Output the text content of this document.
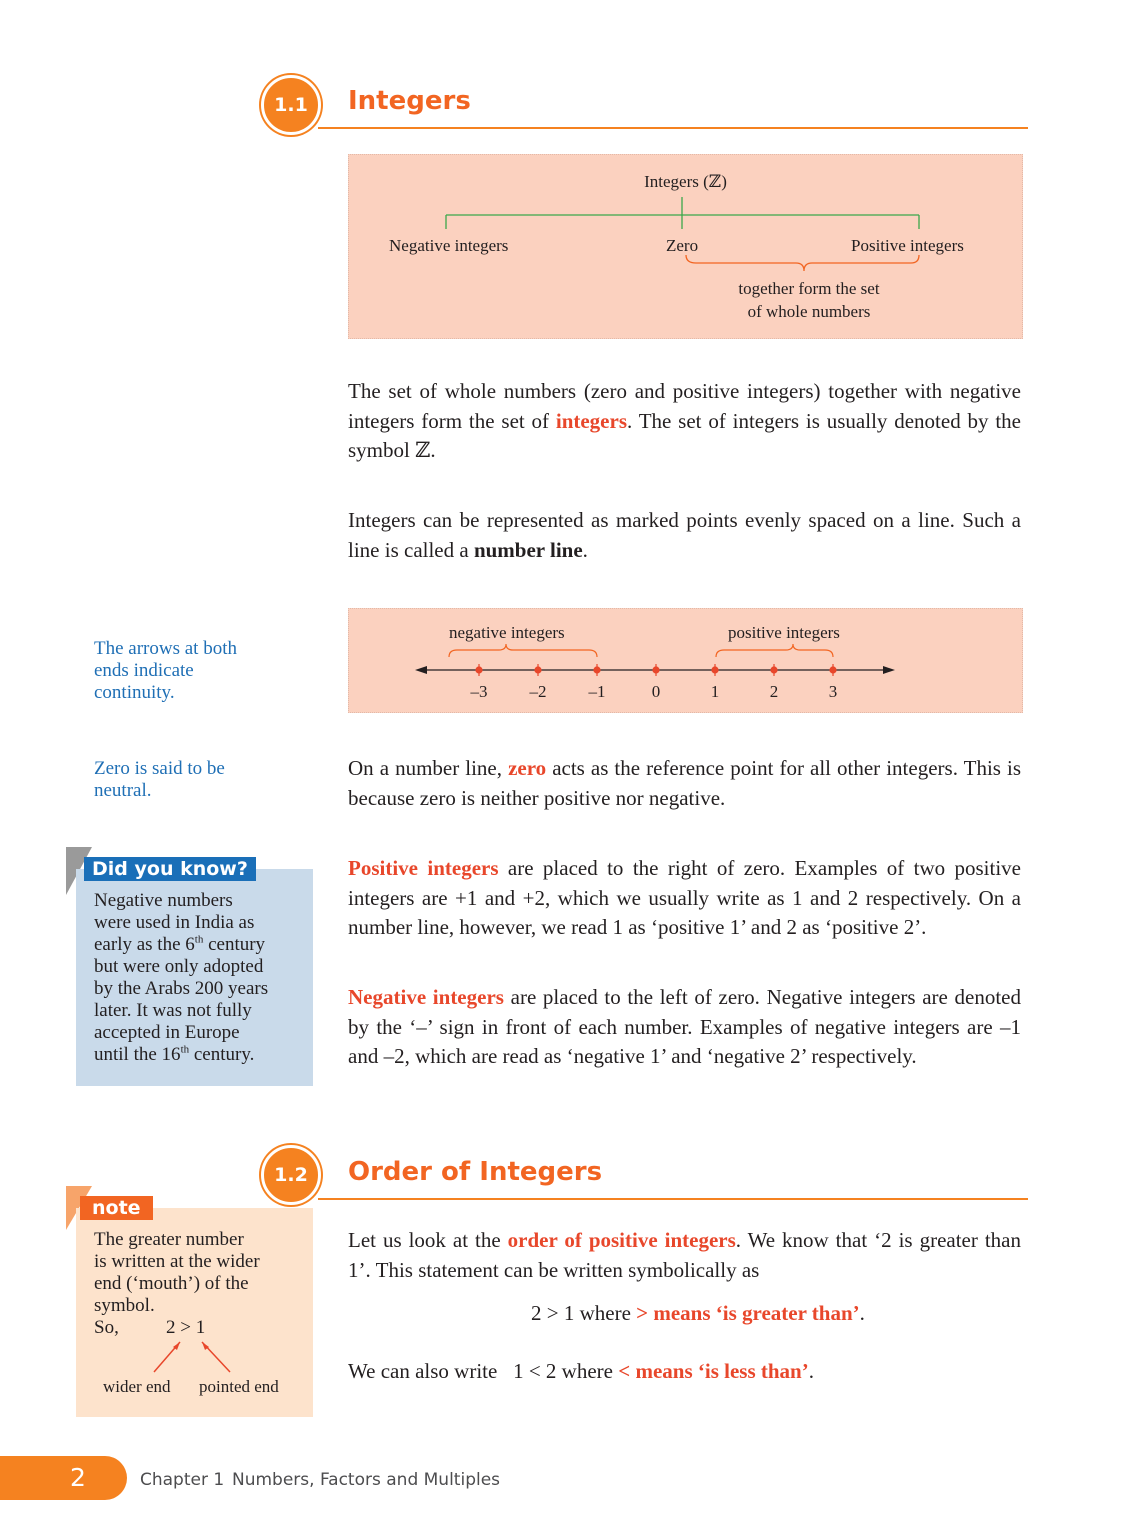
1.1	Integers
Integers (ℤ)
Negative integers	Zero	Positive integers
together form the set
of whole numbers
The set of whole numbers (zero and positive integers) together with negative integers form the set of integers. The set of integers is usually denoted by the symbol ℤ.
Integers can be represented as marked points evenly spaced on a line. Such a line is called a number line.
The arrows at both ends indicate continuity.
negative integers	positive integers
–3	–2	–1	0	1	2	3
Zero is said to be neutral.
On a number line, zero acts as the reference point for all other integers. This is because zero is neither positive nor negative.
Did you know?
Negative numbers
were used in India as
early as the 6th century
but were only adopted
by the Arabs 200 years
later. It was not fully
accepted in Europe
until the 16th century.
Positive integers are placed to the right of zero. Examples of two positive integers are +1 and +2, which we usually write as 1 and 2 respectively. On a number line, however, we read 1 as ‘positive 1’ and 2 as ‘positive 2’.
Negative integers are placed to the left of zero. Negative integers are denoted by the ‘–’ sign in front of each number. Examples of negative integers are –1 and –2, which are read as ‘negative 1’ and ‘negative 2’ respectively.
1.2	Order of Integers
note
The greater number
is written at the wider
end (‘mouth’) of the
symbol.
So, 2 > 1
wider end pointed end
Let us look at the order of positive integers. We know that ‘2 is greater than 1’. This statement can be written symbolically as
2 > 1 where > means ‘is greater than’.
We can also write   1 < 2 where < means ‘is less than’.
2	Chapter 1 Numbers, Factors and Multiples
